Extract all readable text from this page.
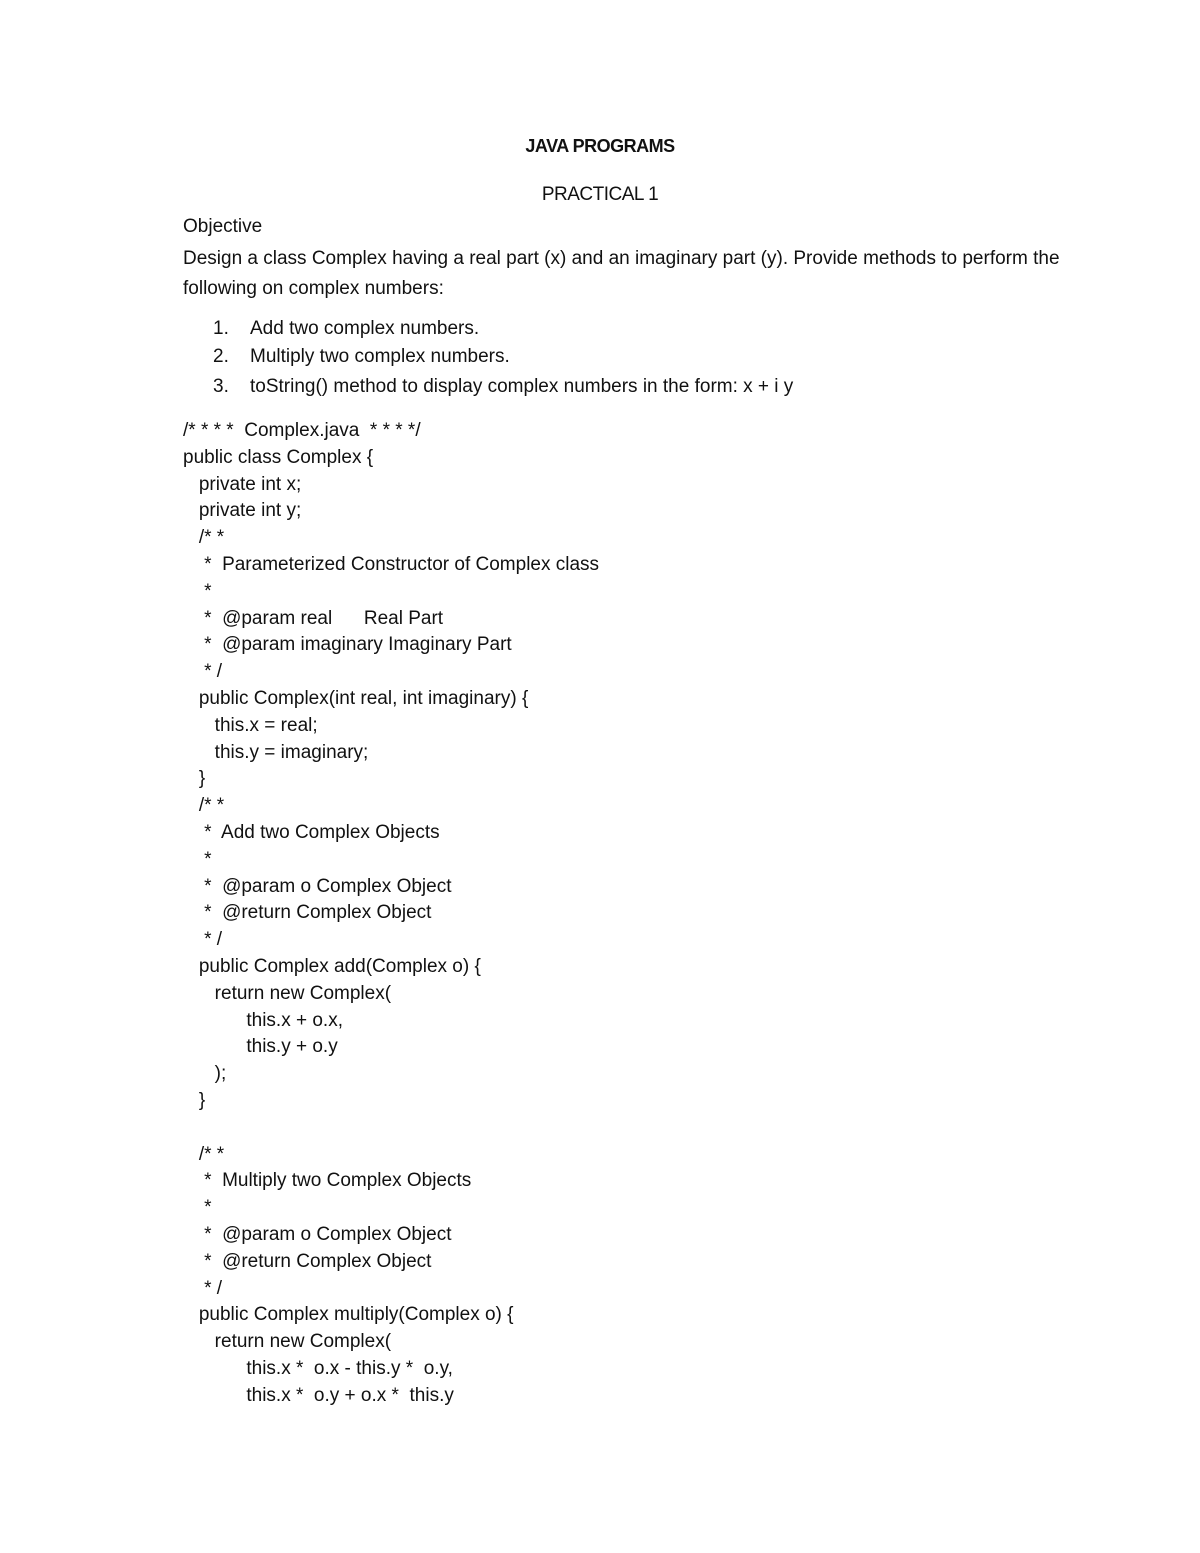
JAVA PROGRAMS
PRACTICAL 1
Objective
Design a class Complex having a real part (x) and an imaginary part (y). Provide methods to perform the following on complex numbers:
1. Add two complex numbers.
2. Multiply two complex numbers.
3. toString() method to display complex numbers in the form: x + i y
/* * * *  Complex.java  * * * */
public class Complex {
private int x;
private int y;
/* *
*  Parameterized Constructor of Complex class
*
*  @param real      Real Part
*  @param imaginary Imaginary Part
* /
public Complex(int real, int imaginary) {
this.x = real;
this.y = imaginary;
}
/* *
*  Add two Complex Objects
*
*  @param o Complex Object
*  @return Complex Object
* /
public Complex add(Complex o) {
return new Complex(
this.x + o.x,
this.y + o.y
);
}
/* *
*  Multiply two Complex Objects
*
*  @param o Complex Object
*  @return Complex Object
* /
public Complex multiply(Complex o) {
return new Complex(
this.x *  o.x - this.y *  o.y,
this.x *  o.y + o.x *  this.y
